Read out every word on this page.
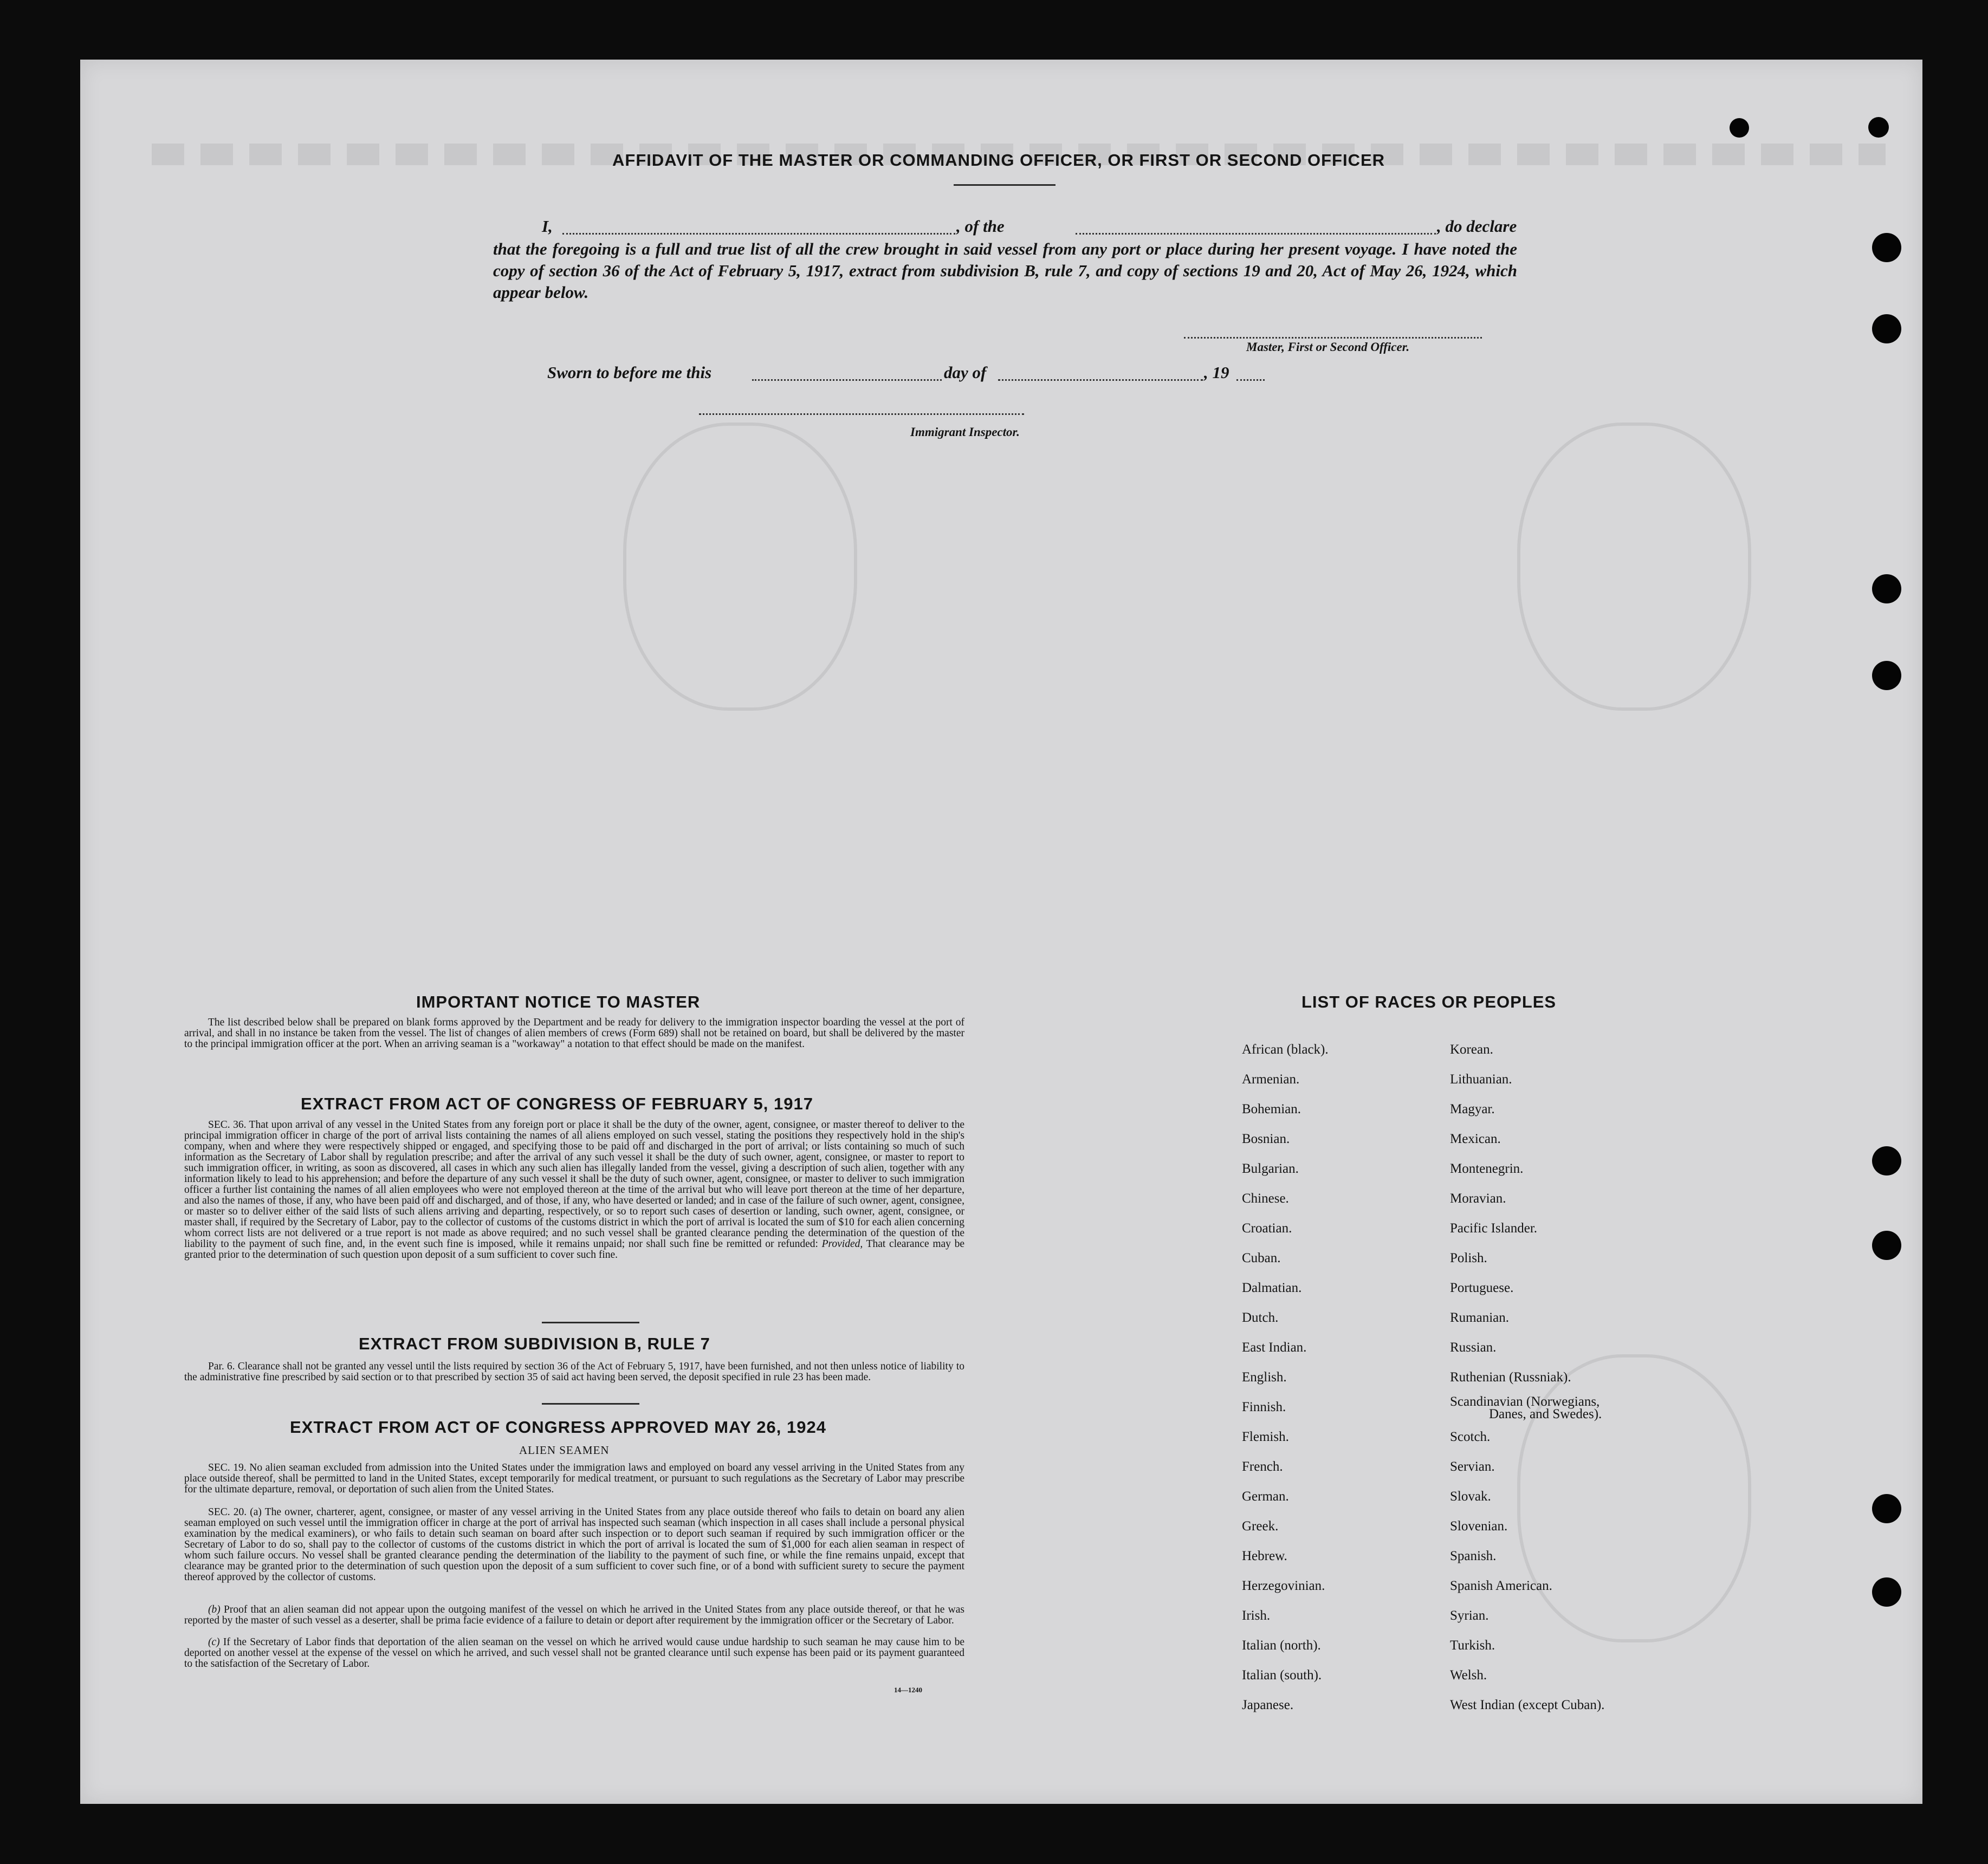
AFFIDAVIT OF THE MASTER OR COMMANDING OFFICER, OR FIRST OR SECOND OFFICER
I,	, of the	, do declare
that the foregoing is a full and true list of all the crew brought in said vessel from any port or place during her present voyage. I have noted the copy of section 36 of the Act of February 5, 1917, extract from subdivision B, rule 7, and copy of sections 19 and 20, Act of May 26, 1924, which appear below.
Master, First or Second Officer.
Sworn to before me this	day of	, 19
Immigrant Inspector.
IMPORTANT NOTICE TO MASTER
The list described below shall be prepared on blank forms approved by the Department and be ready for delivery to the immigration inspector boarding the vessel at the port of arrival, and shall in no instance be taken from the vessel. The list of changes of alien members of crews (Form 689) shall not be retained on board, but shall be delivered by the master to the principal immigration officer at the port. When an arriving seaman is a "workaway" a notation to that effect should be made on the manifest.
EXTRACT FROM ACT OF CONGRESS OF FEBRUARY 5, 1917
SEC. 36. That upon arrival of any vessel in the United States from any foreign port or place it shall be the duty of the owner, agent, consignee, or master thereof to deliver to the principal immigration officer in charge of the port of arrival lists containing the names of all aliens employed on such vessel, stating the positions they respectively hold in the ship's company, when and where they were respectively shipped or engaged, and specifying those to be paid off and discharged in the port of arrival; or lists containing so much of such information as the Secretary of Labor shall by regulation prescribe; and after the arrival of any such vessel it shall be the duty of such owner, agent, consignee, or master to report to such immigration officer, in writing, as soon as discovered, all cases in which any such alien has illegally landed from the vessel, giving a description of such alien, together with any information likely to lead to his apprehension; and before the departure of any such vessel it shall be the duty of such owner, agent, consignee, or master to deliver to such immigration officer a further list containing the names of all alien employees who were not employed thereon at the time of the arrival but who will leave port thereon at the time of her departure, and also the names of those, if any, who have been paid off and discharged, and of those, if any, who have deserted or landed; and in case of the failure of such owner, agent, consignee, or master so to deliver either of the said lists of such aliens arriving and departing, respectively, or so to report such cases of desertion or landing, such owner, agent, consignee, or master shall, if required by the Secretary of Labor, pay to the collector of customs of the customs district in which the port of arrival is located the sum of $10 for each alien concerning whom correct lists are not delivered or a true report is not made as above required; and no such vessel shall be granted clearance pending the determination of the question of the liability to the payment of such fine, and, in the event such fine is imposed, while it remains unpaid; nor shall such fine be remitted or refunded: Provided, That clearance may be granted prior to the determination of such question upon deposit of a sum sufficient to cover such fine.
EXTRACT FROM SUBDIVISION B, RULE 7
Par. 6. Clearance shall not be granted any vessel until the lists required by section 36 of the Act of February 5, 1917, have been furnished, and not then unless notice of liability to the administrative fine prescribed by said section or to that prescribed by section 35 of said act having been served, the deposit specified in rule 23 has been made.
EXTRACT FROM ACT OF CONGRESS APPROVED MAY 26, 1924
ALIEN SEAMEN
SEC. 19. No alien seaman excluded from admission into the United States under the immigration laws and employed on board any vessel arriving in the United States from any place outside thereof, shall be permitted to land in the United States, except temporarily for medical treatment, or pursuant to such regulations as the Secretary of Labor may prescribe for the ultimate departure, removal, or deportation of such alien from the United States.
SEC. 20. (a) The owner, charterer, agent, consignee, or master of any vessel arriving in the United States from any place outside thereof who fails to detain on board any alien seaman employed on such vessel until the immigration officer in charge at the port of arrival has inspected such seaman (which inspection in all cases shall include a personal physical examination by the medical examiners), or who fails to detain such seaman on board after such inspection or to deport such seaman if required by such immigration officer or the Secretary of Labor to do so, shall pay to the collector of customs of the customs district in which the port of arrival is located the sum of $1,000 for each alien seaman in respect of whom such failure occurs. No vessel shall be granted clearance pending the determination of the liability to the payment of such fine, or while the fine remains unpaid, except that clearance may be granted prior to the determination of such question upon the deposit of a sum sufficient to cover such fine, or of a bond with sufficient surety to secure the payment thereof approved by the collector of customs.
(b) Proof that an alien seaman did not appear upon the outgoing manifest of the vessel on which he arrived in the United States from any place outside thereof, or that he was reported by the master of such vessel as a deserter, shall be prima facie evidence of a failure to detain or deport after requirement by the immigration officer or the Secretary of Labor.
(c) If the Secretary of Labor finds that deportation of the alien seaman on the vessel on which he arrived would cause undue hardship to such seaman he may cause him to be deported on another vessel at the expense of the vessel on which he arrived, and such vessel shall not be granted clearance until such expense has been paid or its payment guaranteed to the satisfaction of the Secretary of Labor.
14—1240
LIST OF RACES OR PEOPLES
African (black).
Armenian.
Bohemian.
Bosnian.
Bulgarian.
Chinese.
Croatian.
Cuban.
Dalmatian.
Dutch.
East Indian.
English.
Finnish.
Flemish.
French.
German.
Greek.
Hebrew.
Herzegovinian.
Irish.
Italian (north).
Italian (south).
Japanese.
Korean.
Lithuanian.
Magyar.
Mexican.
Montenegrin.
Moravian.
Pacific Islander.
Polish.
Portuguese.
Rumanian.
Russian.
Ruthenian (Russniak).
Scandinavian (Norwegians,
Danes, and Swedes).
Scotch.
Servian.
Slovak.
Slovenian.
Spanish.
Spanish American.
Syrian.
Turkish.
Welsh.
West Indian (except Cuban).
